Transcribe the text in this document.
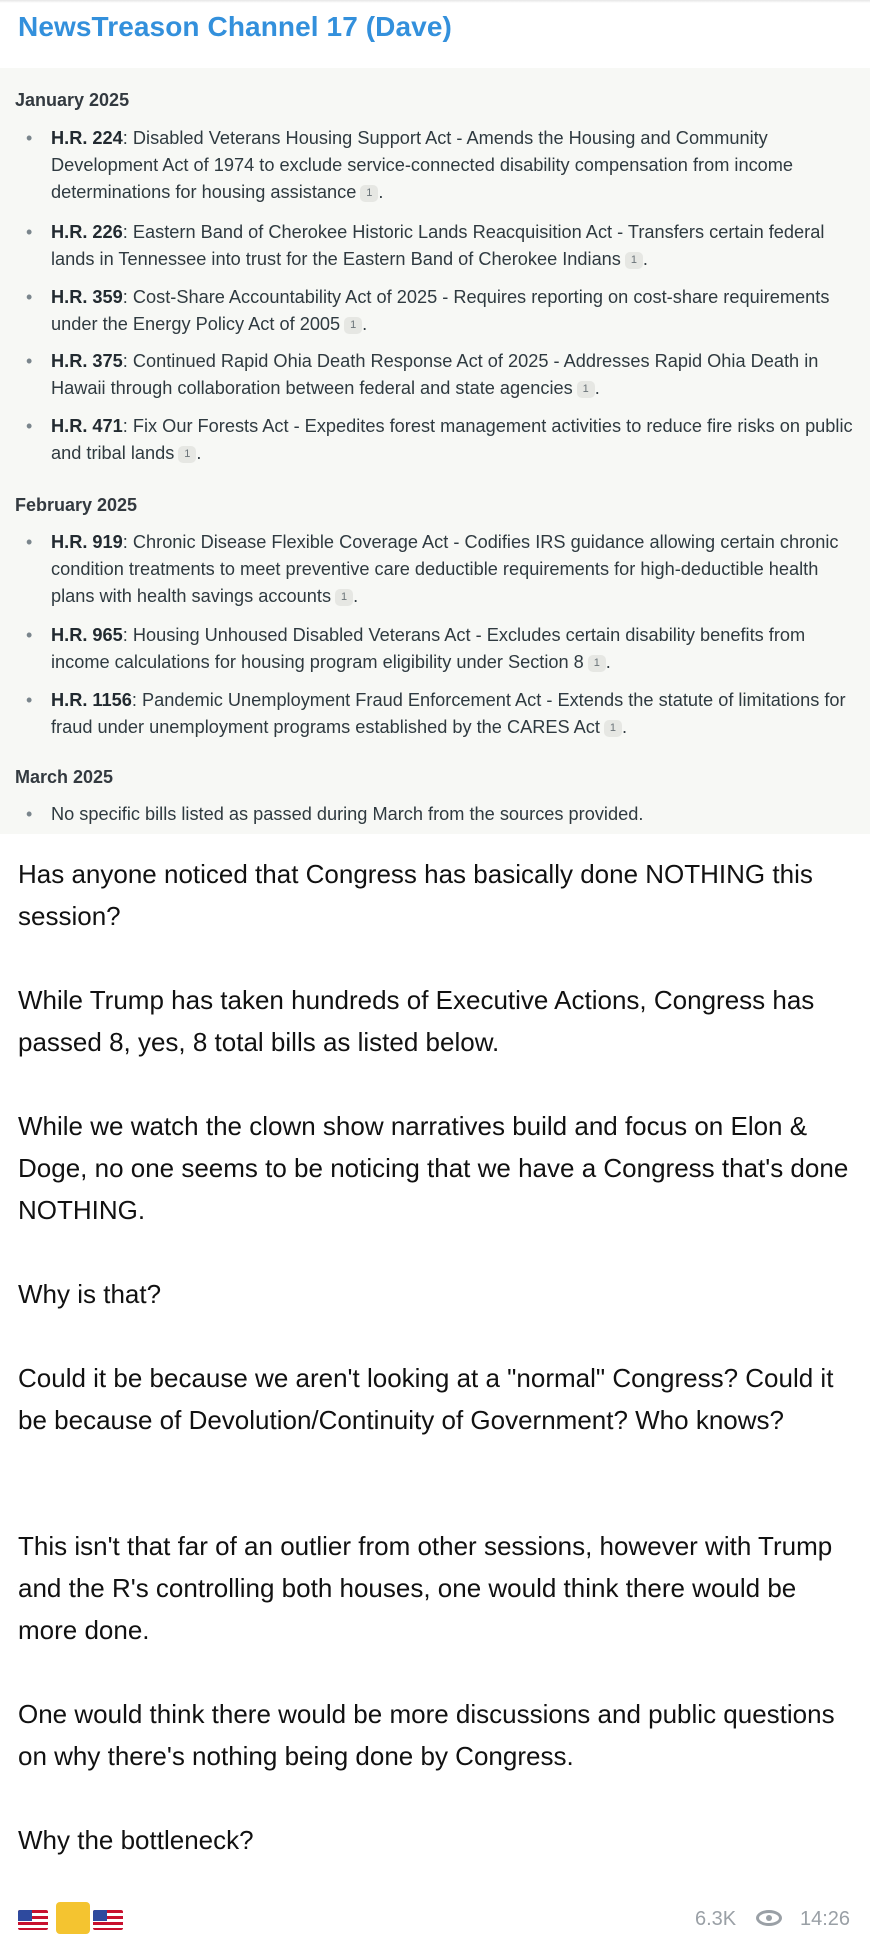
NewsTreason Channel 17 (Dave)
January 2025
• H.R. 224: Disabled Veterans Housing Support Act - Amends the Housing and Community Development Act of 1974 to exclude service-connected disability compensation from income determinations for housing assistance 1 .
• H.R. 226: Eastern Band of Cherokee Historic Lands Reacquisition Act - Transfers certain federal lands in Tennessee into trust for the Eastern Band of Cherokee Indians 1 .
• H.R. 359: Cost-Share Accountability Act of 2025 - Requires reporting on cost-share requirements under the Energy Policy Act of 2005 1 .
• H.R. 375: Continued Rapid Ohia Death Response Act of 2025 - Addresses Rapid Ohia Death in Hawaii through collaboration between federal and state agencies 1 .
• H.R. 471: Fix Our Forests Act - Expedites forest management activities to reduce fire risks on public and tribal lands 1 .
February 2025
• H.R. 919: Chronic Disease Flexible Coverage Act - Codifies IRS guidance allowing certain chronic condition treatments to meet preventive care deductible requirements for high-deductible health plans with health savings accounts 1 .
• H.R. 965: Housing Unhoused Disabled Veterans Act - Excludes certain disability benefits from income calculations for housing program eligibility under Section 8 1 .
• H.R. 1156: Pandemic Unemployment Fraud Enforcement Act - Extends the statute of limitations for fraud under unemployment programs established by the CARES Act 1 .
March 2025
• No specific bills listed as passed during March from the sources provided.
Has anyone noticed that Congress has basically done NOTHING this session?
While Trump has taken hundreds of Executive Actions, Congress has passed 8, yes, 8 total bills as listed below.
While we watch the clown show narratives build and focus on Elon & Doge, no one seems to be noticing that we have a Congress that's done NOTHING.
Why is that?
Could it be because we aren't looking at a "normal" Congress? Could it be because of Devolution/Continuity of Government? Who knows?
This isn't that far of an outlier from other sessions, however with Trump and the R's controlling both houses, one would think there would be more done.
One would think there would be more discussions and public questions on why there's nothing being done by Congress.
Why the bottleneck?
6.3K	14:26
